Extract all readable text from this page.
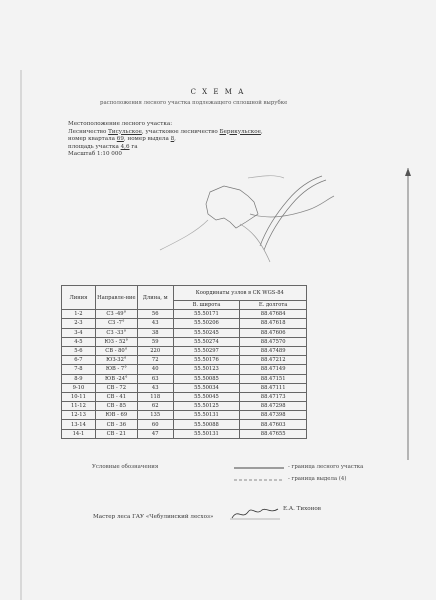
С Х Е М А
расположения лесного участка подлежащего сплошной вырубке
Местоположение лесного участка:
Лесничество Тисульское, участковое лесничество Берикульское,
номер квартала 69, номер выдела 8,
площадь участка 4,6 га
Масштаб 1:10 000
Линия	Направле-ние	Длина, м	Координаты узлов в СК WGS-84	
			В. широта	Е. долгота
1-2	СЗ -49°	56	55.50171	88.47684
2-3	СЗ -7°	43	55.50206	88.47618
3-4	СЗ -33°	38	55.50245	88.47606
4-5	ЮЗ - 52°	59	55.50274	88.47570
5-6	СВ - 80°	220	55.50297	88.47489
6-7	ЮЗ-32°	72	55.50176	88.47212
7-8	ЮВ - 7°	40	55.50123	88.47149
8-9	ЮВ -24°	63	55.50085	88.47151
9-10	СВ - 72	43	55.50034	88.47111
10-11	СВ - 41	118	55.50045	88.47173
11-12	СВ - 85	62	55.50125	88.47298
12-13	ЮВ - 69	135	55.50131	88.47398
13-14	СВ - 36	60	55.50088	88.47603
14-1	СВ - 21	47	55.50131	88.47655
Условные обозначения	- граница лесного участка
- граница выдела (4)
Мастер леса ГАУ «Чебулинский лесхоз»
Е.А. Тихонов
